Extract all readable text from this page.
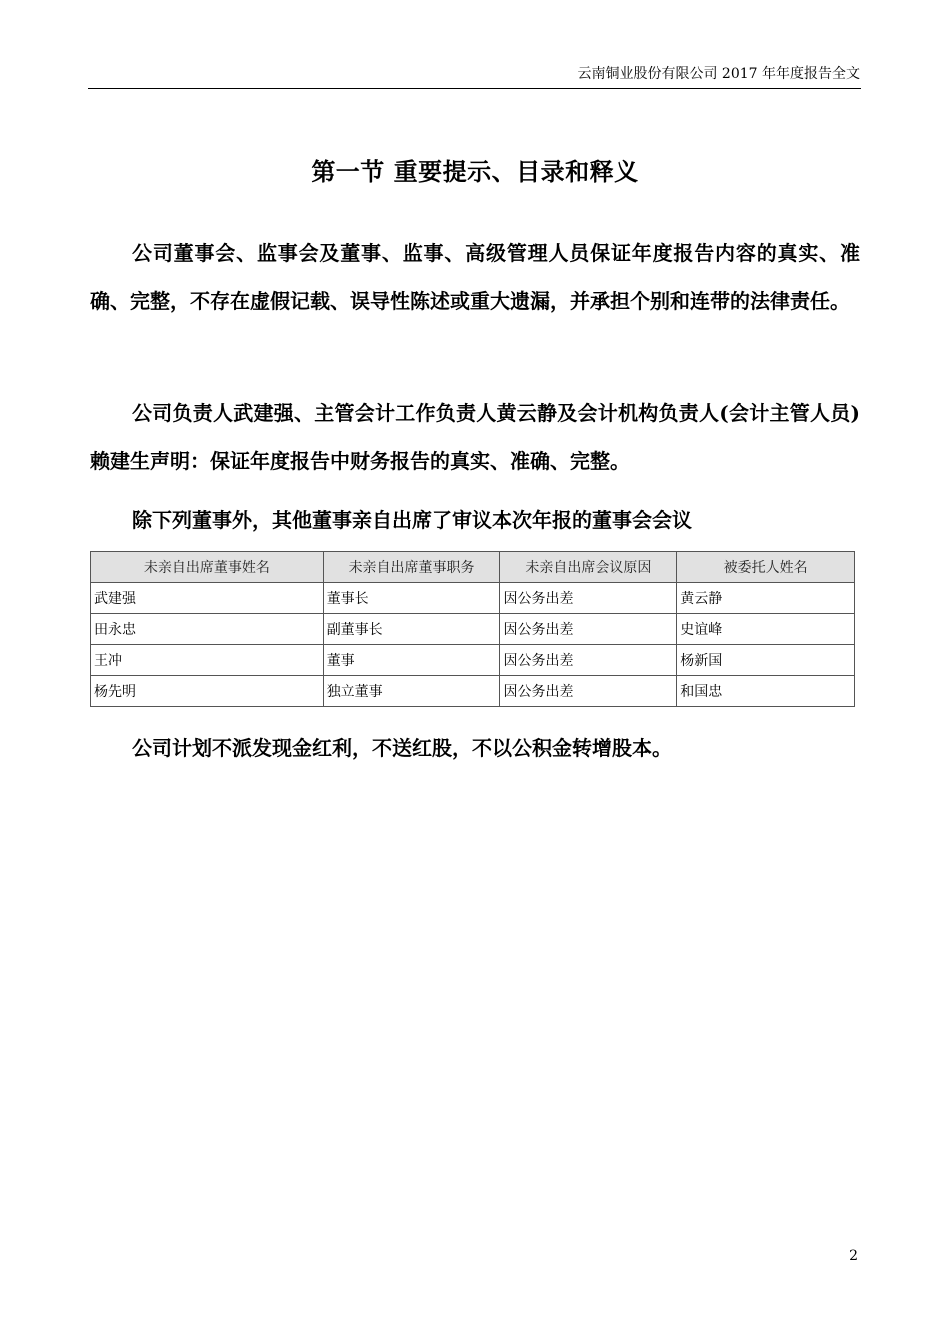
云南铜业股份有限公司 2017 年年度报告全文
第一节 重要提示、目录和释义

公司董事会、监事会及董事、监事、高级管理人员保证年度报告内容的真实、准确、完整，不存在虚假记载、误导性陈述或重大遗漏，并承担个别和连带的法律责任。

公司负责人武建强、主管会计工作负责人黄云静及会计机构负责人(会计主管人员)赖建生声明：保证年度报告中财务报告的真实、准确、完整。

除下列董事外，其他董事亲自出席了审议本次年报的董事会会议

未亲自出席董事姓名	未亲自出席董事职务	未亲自出席会议原因	被委托人姓名
武建强	董事长	因公务出差	黄云静
田永忠	副董事长	因公务出差	史谊峰
王冲	董事	因公务出差	杨新国
杨先明	独立董事	因公务出差	和国忠

公司计划不派发现金红利，不送红股，不以公积金转增股本。

2
